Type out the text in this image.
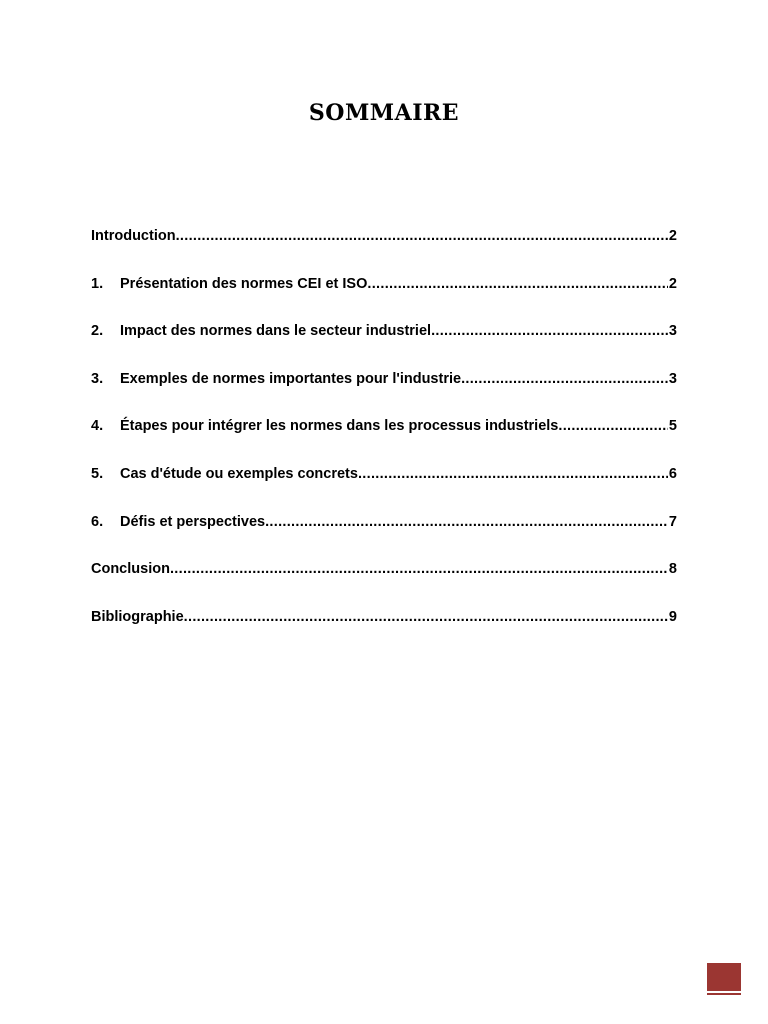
SOMMAIRE
Introduction .....	2
1.	Présentation des normes CEI et ISO .....	2
2.	Impact des normes dans le secteur industriel .....	3
3.	Exemples de normes importantes pour l'industrie .....	3
4.	Étapes pour intégrer les normes dans les processus industriels .....	5
5.	Cas d'étude ou exemples concrets .....	6
6.	Défis et perspectives .....	7
Conclusion .....	8
Bibliographie .....	9
